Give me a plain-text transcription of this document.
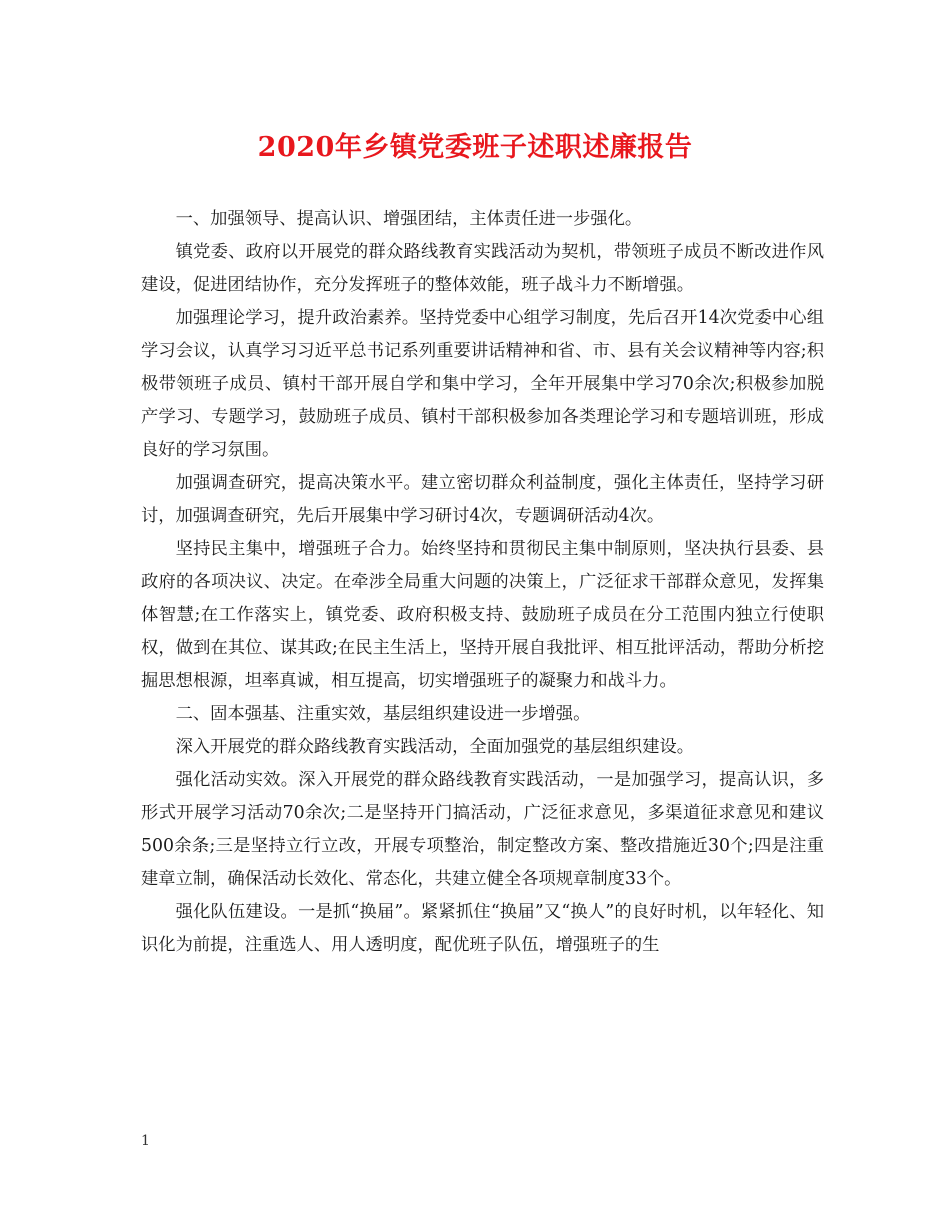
2020年乡镇党委班子述职述廉报告

一、加强领导、提高认识、增强团结，主体责任进一步强化。

镇党委、政府以开展党的群众路线教育实践活动为契机，带领班子成员不断改进作风建设，促进团结协作，充分发挥班子的整体效能，班子战斗力不断增强。

加强理论学习，提升政治素养。坚持党委中心组学习制度，先后召开14次党委中心组学习会议，认真学习习近平总书记系列重要讲话精神和省、市、县有关会议精神等内容;积极带领班子成员、镇村干部开展自学和集中学习，全年开展集中学习70余次;积极参加脱产学习、专题学习，鼓励班子成员、镇村干部积极参加各类理论学习和专题培训班，形成良好的学习氛围。

加强调查研究，提高决策水平。建立密切群众利益制度，强化主体责任，坚持学习研讨，加强调查研究，先后开展集中学习研讨4次，专题调研活动4次。

坚持民主集中，增强班子合力。始终坚持和贯彻民主集中制原则，坚决执行县委、县政府的各项决议、决定。在牵涉全局重大问题的决策上，广泛征求干部群众意见，发挥集体智慧;在工作落实上，镇党委、政府积极支持、鼓励班子成员在分工范围内独立行使职权，做到在其位、谋其政;在民主生活上，坚持开展自我批评、相互批评活动，帮助分析挖掘思想根源，坦率真诚，相互提高，切实增强班子的凝聚力和战斗力。

二、固本强基、注重实效，基层组织建设进一步增强。

深入开展党的群众路线教育实践活动，全面加强党的基层组织建设。

强化活动实效。深入开展党的群众路线教育实践活动，一是加强学习，提高认识，多形式开展学习活动70余次;二是坚持开门搞活动，广泛征求意见，多渠道征求意见和建议500余条;三是坚持立行立改，开展专项整治，制定整改方案、整改措施近30个;四是注重建章立制，确保活动长效化、常态化，共建立健全各项规章制度33个。

强化队伍建设。一是抓“换届”。紧紧抓住“换届”又“换人”的良好时机，以年轻化、知识化为前提，注重选人、用人透明度，配优班子队伍，增强班子的生

1
